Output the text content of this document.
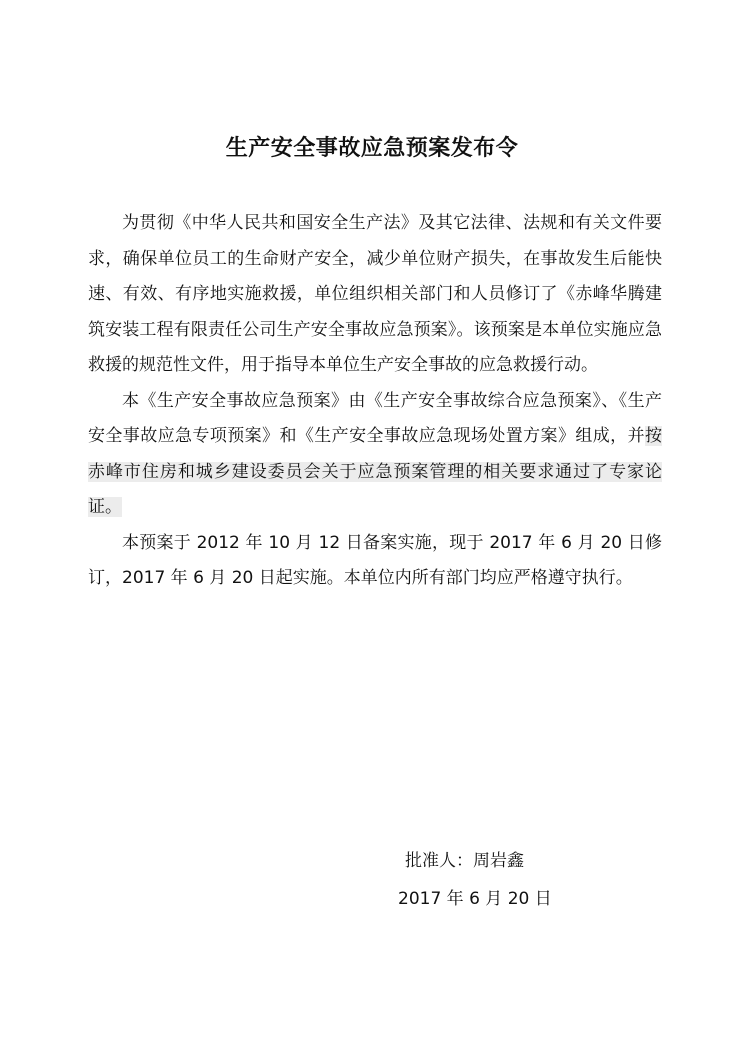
生产安全事故应急预案发布令

为贯彻《中华人民共和国安全生产法》及其它法律、法规和有关文件要求，确保单位员工的生命财产安全，减少单位财产损失，在事故发生后能快速、有效、有序地实施救援，单位组织相关部门和人员修订了《赤峰华腾建筑安装工程有限责任公司生产安全事故应急预案》。该预案是本单位实施应急救援的规范性文件，用于指导本单位生产安全事故的应急救援行动。

本《生产安全事故应急预案》由《生产安全事故综合应急预案》、《生产安全事故应急专项预案》和《生产安全事故应急现场处置方案》组成，并按赤峰市住房和城乡建设委员会关于应急预案管理的相关要求通过了专家论证。

本预案于 2012 年 10 月 12 日备案实施，现于 2017 年 6 月 20 日修订，2017 年 6 月 20 日起实施。本单位内所有部门均应严格遵守执行。

批准人：周岩鑫
2017 年 6 月 20 日
